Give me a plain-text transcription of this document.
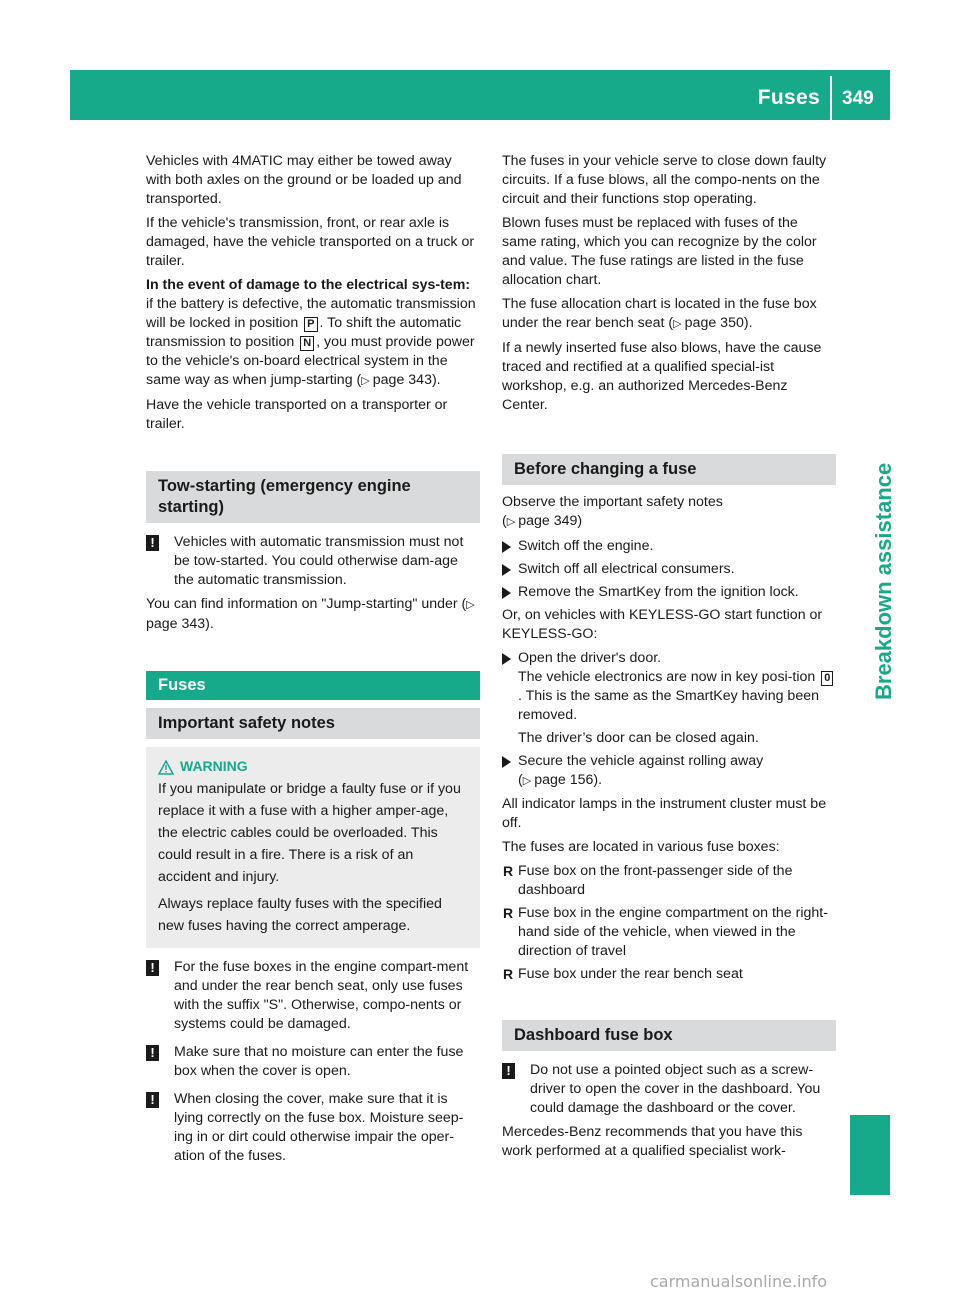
Fuses 349
Breakdown assistance

Vehicles with 4MATIC may either be towed away with both axles on the ground or be loaded up and transported.

If the vehicle's transmission, front, or rear axle is damaged, have the vehicle transported on a truck or trailer.

In the event of damage to the electrical sys-tem: if the battery is defective, the automatic transmission will be locked in position P . To shift the automatic transmission to position N , you must provide power to the vehicle's on-board electrical system in the same way as when jump-starting (▷ page 343).

Have the vehicle transported on a transporter or trailer.

Tow-starting (emergency engine starting)
!	Vehicles with automatic transmission must not be tow-started. You could otherwise dam-age the automatic transmission.

You can find information on "Jump-starting" under (▷ page 343).

Fuses
Important safety notes
WARNING

If you manipulate or bridge a faulty fuse or if you replace it with a fuse with a higher amper-age, the electric cables could be overloaded. This could result in a fire. There is a risk of an accident and injury.

Always replace faulty fuses with the specified new fuses having the correct amperage.

!	For the fuse boxes in the engine compart-ment and under the rear bench seat, only use fuses with the suffix "S". Otherwise, compo-nents or systems could be damaged.
!	Make sure that no moisture can enter the fuse box when the cover is open.
!	When closing the cover, make sure that it is lying correctly on the fuse box. Moisture seep-ing in or dirt could otherwise impair the oper-ation of the fuses.

The fuses in your vehicle serve to close down faulty circuits. If a fuse blows, all the compo-nents on the circuit and their functions stop operating.

Blown fuses must be replaced with fuses of the same rating, which you can recognize by the color and value. The fuse ratings are listed in the fuse allocation chart.

The fuse allocation chart is located in the fuse box under the rear bench seat (▷ page 350).

If a newly inserted fuse also blows, have the cause traced and rectified at a qualified special-ist workshop, e.g. an authorized Mercedes-Benz Center.

Before changing a fuse

Observe the important safety notes
(▷ page 349)

Switch off the engine.
Switch off all electrical consumers.
Remove the SmartKey from the ignition lock.

Or, on vehicles with KEYLESS-GO start function or KEYLESS-GO:

Open the driver's door.
The vehicle electronics are now in key posi-tion 0. This is the same as the SmartKey having been removed.
The driver’s door can be closed again.
Secure the vehicle against rolling away
(▷ page 156).

All indicator lamps in the instrument cluster must be off.

The fuses are located in various fuse boxes:

R Fuse box on the front-passenger side of the dashboard
R Fuse box in the engine compartment on the right-hand side of the vehicle, when viewed in the direction of travel
R Fuse box under the rear bench seat
Dashboard fuse box
!	Do not use a pointed object such as a screw-driver to open the cover in the dashboard. You could damage the dashboard or the cover.

Mercedes-Benz recommends that you have this work performed at a qualified specialist work-

carmanualsonline.info
